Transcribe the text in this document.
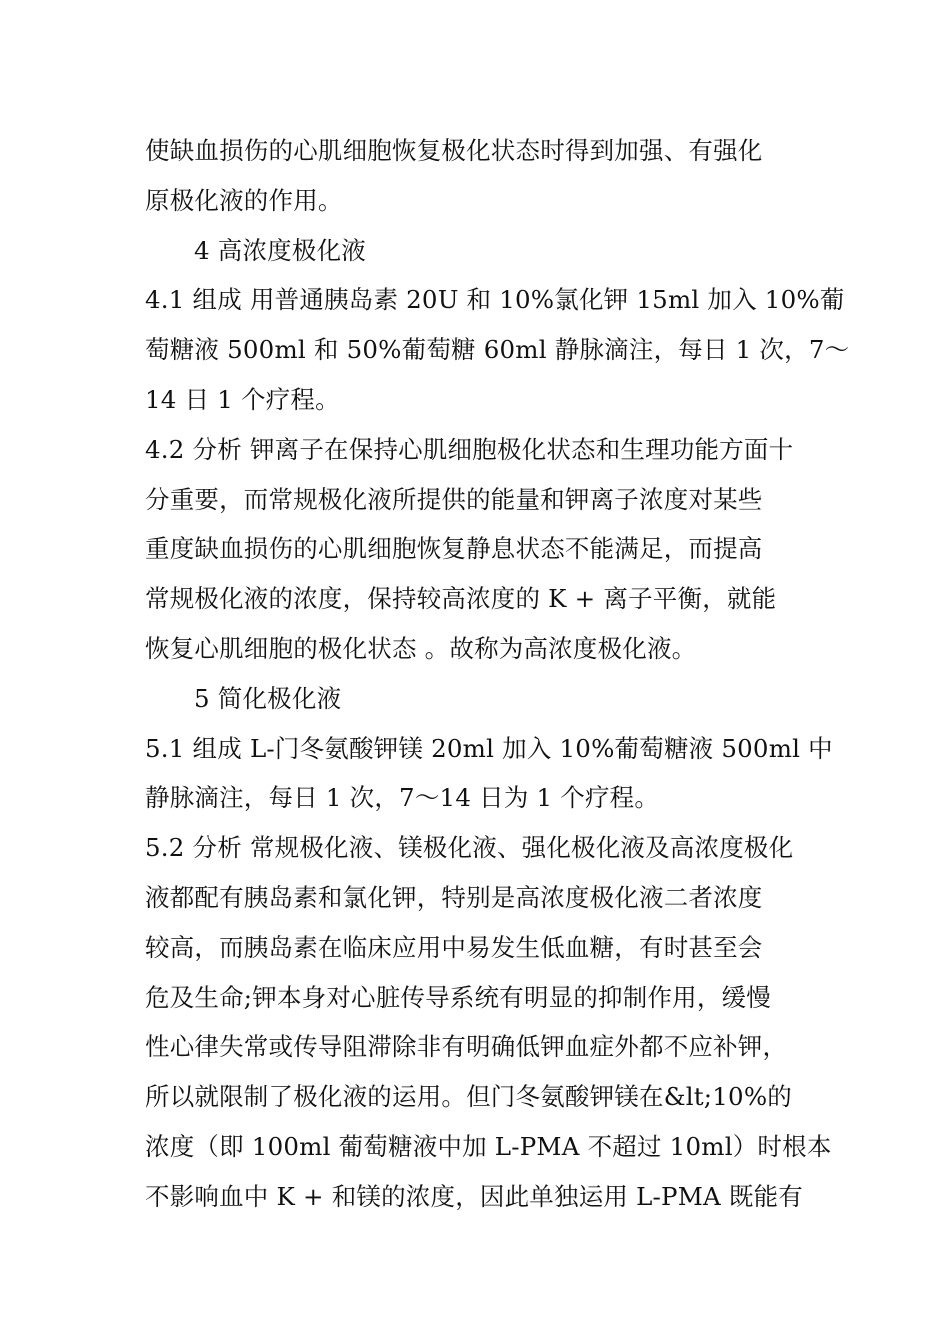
使缺血损伤的心肌细胞恢复极化状态时得到加强、有强化
原极化液的作用。
4 高浓度极化液
4.1 组成 用普通胰岛素 20U 和 10%氯化钾 15ml 加入 10%葡
萄糖液 500ml 和 50%葡萄糖 60ml 静脉滴注，每日 1 次，7～
14 日 1 个疗程。
4.2 分析 钾离子在保持心肌细胞极化状态和生理功能方面十
分重要，而常规极化液所提供的能量和钾离子浓度对某些
重度缺血损伤的心肌细胞恢复静息状态不能满足，而提高
常规极化液的浓度，保持较高浓度的 K + 离子平衡，就能
恢复心肌细胞的极化状态 。故称为高浓度极化液。
5 简化极化液
5.1 组成 L-门冬氨酸钾镁 20ml 加入 10%葡萄糖液 500ml 中
静脉滴注，每日 1 次，7～14 日为 1 个疗程。
5.2 分析 常规极化液、镁极化液、强化极化液及高浓度极化
液都配有胰岛素和氯化钾，特别是高浓度极化液二者浓度
较高，而胰岛素在临床应用中易发生低血糖，有时甚至会
危及生命;钾本身对心脏传导系统有明显的抑制作用，缓慢
性心律失常或传导阻滞除非有明确低钾血症外都不应补钾，
所以就限制了极化液的运用。但门冬氨酸钾镁在&lt;10%的
浓度（即 100ml 葡萄糖液中加 L-PMA 不超过 10ml）时根本
不影响血中 K + 和镁的浓度，因此单独运用 L-PMA 既能有
